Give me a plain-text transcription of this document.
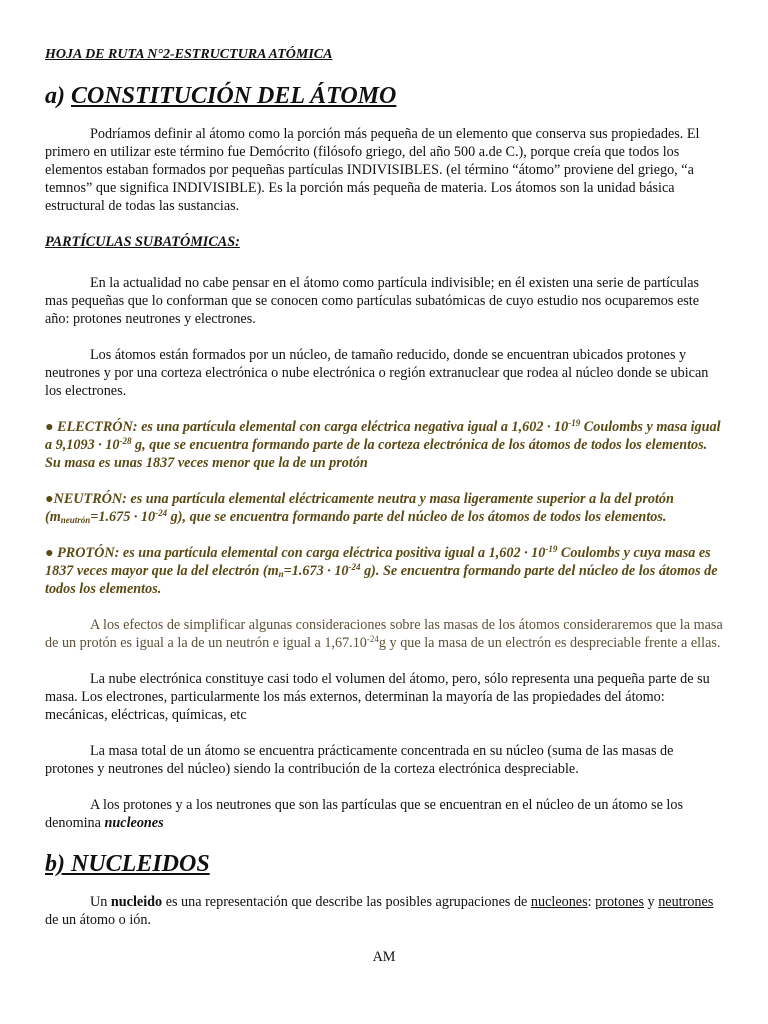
HOJA DE RUTA N°2-ESTRUCTURA ATÓMICA
a) CONSTITUCIÓN DEL ÁTOMO

Podríamos definir al átomo como la porción más pequeña de un elemento que conserva sus propiedades. El primero en utilizar este término fue Demócrito (filósofo griego, del año 500 a.de C.), porque creía que todos los elementos estaban formados por pequeñas partículas INDIVISIBLES. (el término “átomo” proviene del griego, “a temnos” que significa INDIVISIBLE). Es la porción más pequeña de materia. Los átomos son la unidad básica estructural de todas las sustancias.

PARTÍCULAS SUBATÓMICAS:

En la actualidad no cabe pensar en el átomo como partícula indivisible; en él existen una serie de partículas mas pequeñas que lo conforman que se conocen como partículas subatómicas de cuyo estudio nos ocuparemos este año: protones neutrones y electrones.

Los átomos están formados por un núcleo, de tamaño reducido, donde se encuentran ubicados protones y neutrones y por una corteza electrónica o nube electrónica o región extranuclear que rodea al núcleo donde se ubican los electrones.

● ELECTRÓN: es una partícula elemental con carga eléctrica negativa igual a $1,602 \cdot 10^{-19}$ Coulombs y masa igual a $9,1093 \cdot 10^{-28}$ g, que se encuentra formando parte de la corteza electrónica de los átomos de todos los elementos. Su masa es unas 1837 veces menor que la de un protón

●NEUTRÓN: es una partícula elemental eléctricamente neutra y masa ligeramente superior a la del protón ($m_{neutrón}=1.675 \cdot 10^{-24}$ g), que se encuentra formando parte del núcleo de los átomos de todos los elementos.

● PROTÓN: es una partícula elemental con carga eléctrica positiva igual a $1,602 \cdot 10^{-19}$ Coulombs y cuya masa es 1837 veces mayor que la del electrón ($m_n=1.673 \cdot 10^{-24}$ g). Se encuentra formando parte del núcleo de los átomos de todos los elementos.

A los efectos de simplificar algunas consideraciones sobre las masas de los átomos consideraremos que la masa de un protón es igual a la de un neutrón e igual a $1,67.10^{-24}g$ y que la masa de un electrón es despreciable frente a ellas.

La nube electrónica constituye casi todo el volumen del átomo, pero, sólo representa una pequeña parte de su masa. Los electrones, particularmente los más externos, determinan la mayoría de las propiedades del átomo: mecánicas, eléctricas, químicas, etc

La masa total de un átomo se encuentra prácticamente concentrada en su núcleo (suma de las masas de protones y neutrones del núcleo) siendo la contribución de la corteza electrónica despreciable.

A los protones y a los neutrones que son las partículas que se encuentran en el núcleo de un átomo se los denomina nucleones

b) NUCLEIDOS

Un nucleido es una representación que describe las posibles agrupaciones de nucleones: protones y neutrones de un átomo o ión.

AM
